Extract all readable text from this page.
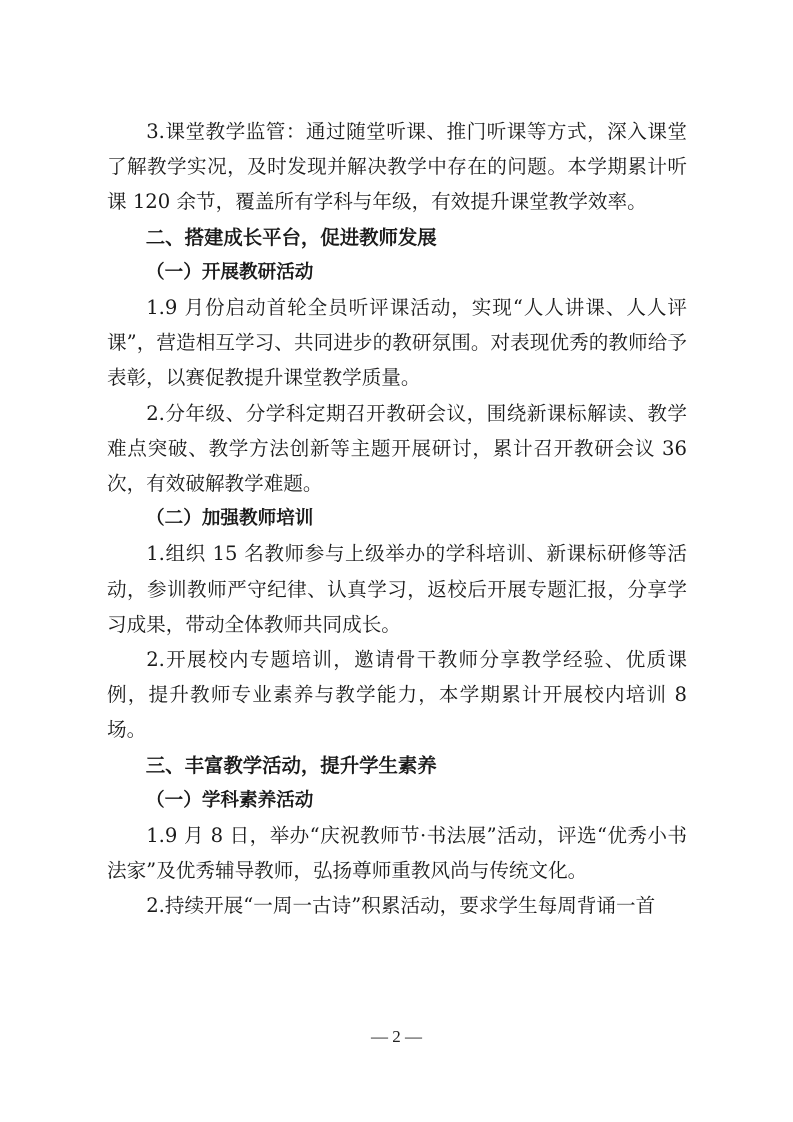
3.课堂教学监管：通过随堂听课、推门听课等方式，深入课堂了解教学实况，及时发现并解决教学中存在的问题。本学期累计听课 120 余节，覆盖所有学科与年级，有效提升课堂教学效率。

二、搭建成长平台，促进教师发展

（一）开展教研活动

1.9 月份启动首轮全员听评课活动，实现“人人讲课、人人评课”，营造相互学习、共同进步的教研氛围。对表现优秀的教师给予表彰，以赛促教提升课堂教学质量。

2.分年级、分学科定期召开教研会议，围绕新课标解读、教学难点突破、教学方法创新等主题开展研讨，累计召开教研会议 36 次，有效破解教学难题。

（二）加强教师培训

1.组织 15 名教师参与上级举办的学科培训、新课标研修等活动，参训教师严守纪律、认真学习，返校后开展专题汇报，分享学习成果，带动全体教师共同成长。

2.开展校内专题培训，邀请骨干教师分享教学经验、优质课例，提升教师专业素养与教学能力，本学期累计开展校内培训 8 场。

三、丰富教学活动，提升学生素养

（一）学科素养活动

1.9 月 8 日，举办“庆祝教师节·书法展”活动，评选“优秀小书法家”及优秀辅导教师，弘扬尊师重教风尚与传统文化。

2.持续开展“一周一古诗”积累活动，要求学生每周背诵一首

— 2 —
